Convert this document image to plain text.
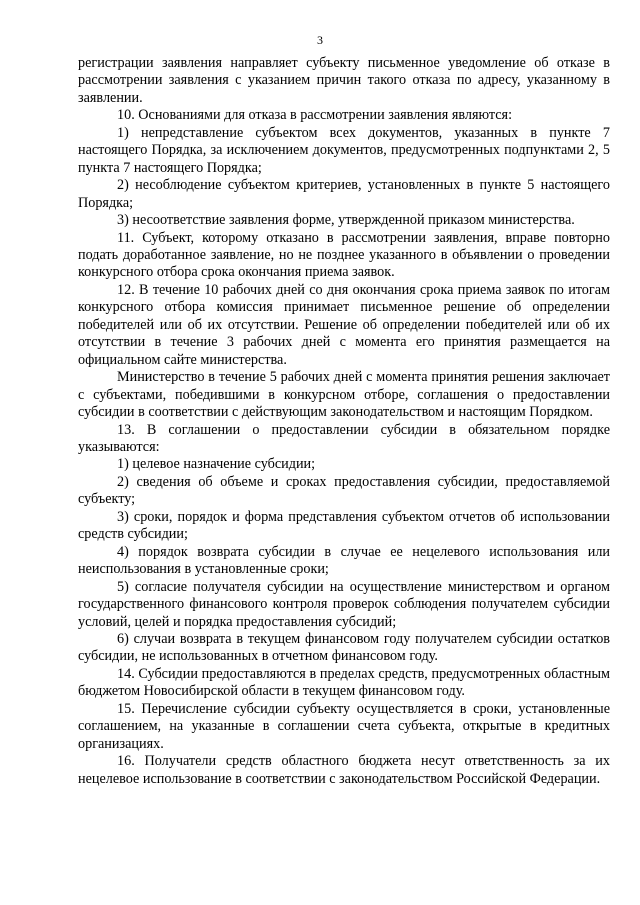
3

регистрации заявления направляет субъекту письменное уведомление об отказе в рассмотрении заявления с указанием причин такого отказа по адресу, указанному в заявлении.

10. Основаниями для отказа в рассмотрении заявления являются:

1) непредставление субъектом всех документов, указанных в пункте 7 настоящего Порядка, за исключением документов, предусмотренных подпунктами 2, 5 пункта 7 настоящего Порядка;

2) несоблюдение субъектом критериев, установленных в пункте 5 настоящего Порядка;

3) несоответствие заявления форме, утвержденной приказом министерства.

11. Субъект, которому отказано в рассмотрении заявления, вправе повторно подать доработанное заявление, но не позднее указанного в объявлении о проведении конкурсного отбора срока окончания приема заявок.

12. В течение 10 рабочих дней со дня окончания срока приема заявок по итогам конкурсного отбора комиссия принимает письменное решение об определении победителей или об их отсутствии. Решение об определении победителей или об их отсутствии в течение 3 рабочих дней с момента его принятия размещается на официальном сайте министерства.

Министерство в течение 5 рабочих дней с момента принятия решения заключает с субъектами, победившими в конкурсном отборе, соглашения о предоставлении субсидии в соответствии с действующим законодательством и настоящим Порядком.

13. В соглашении о предоставлении субсидии в обязательном порядке указываются:

1) целевое назначение субсидии;

2) сведения об объеме и сроках предоставления субсидии, предоставляемой субъекту;

3) сроки, порядок и форма представления субъектом отчетов об использовании средств субсидии;

4) порядок возврата субсидии в случае ее нецелевого использования или неиспользования в установленные сроки;

5) согласие получателя субсидии на осуществление министерством и органом государственного финансового контроля проверок соблюдения получателем субсидии условий, целей и порядка предоставления субсидий;

6) случаи возврата в текущем финансовом году получателем субсидии остатков субсидии, не использованных в отчетном финансовом году.

14. Субсидии предоставляются в пределах средств, предусмотренных областным бюджетом Новосибирской области в текущем финансовом году.

15. Перечисление субсидии субъекту осуществляется в сроки, установленные соглашением, на указанные в соглашении счета субъекта, открытые в кредитных организациях.

16. Получатели средств областного бюджета несут ответственность за их нецелевое использование в соответствии с законодательством Российской Федерации.
